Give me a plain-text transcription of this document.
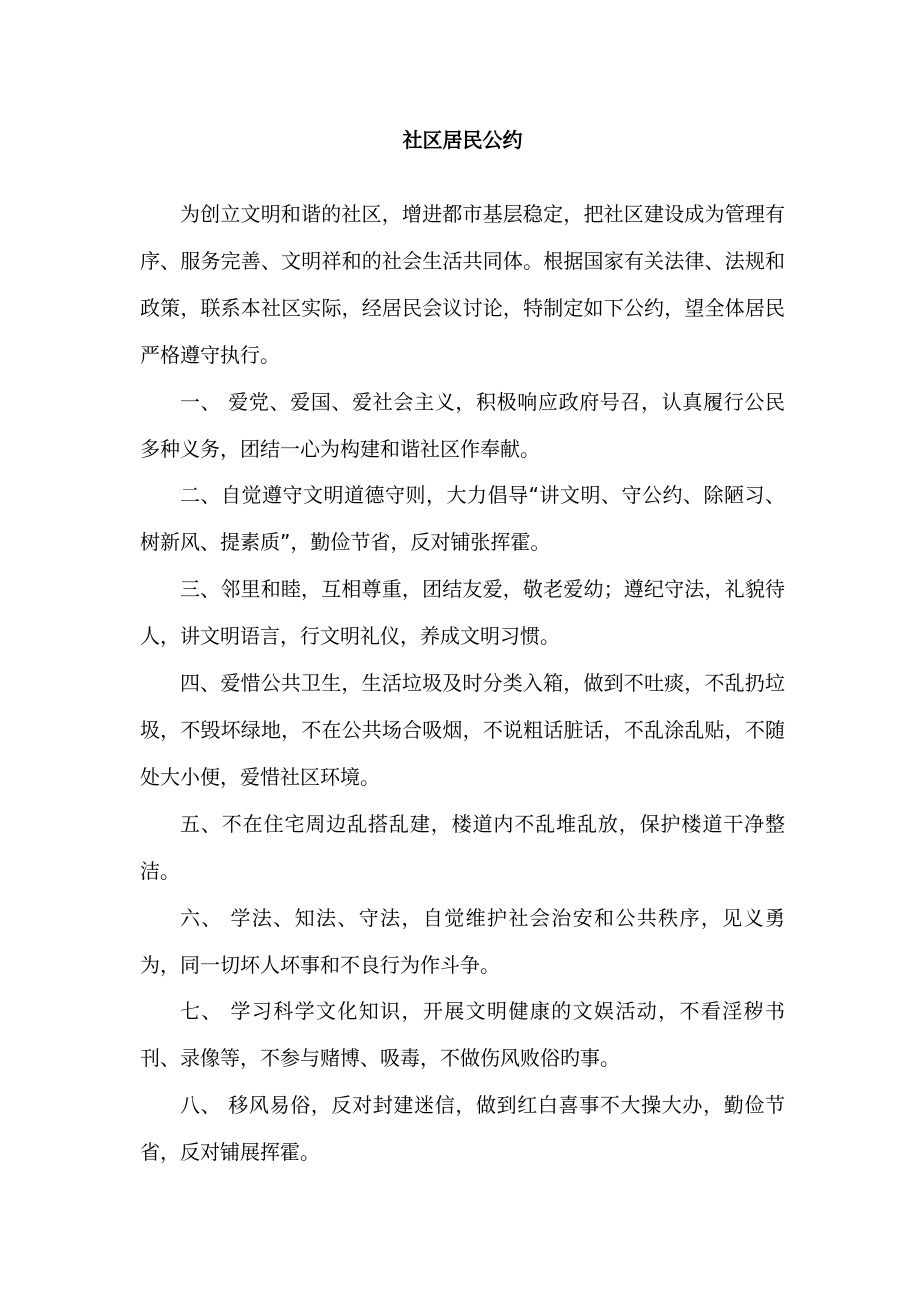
社区居民公约

为创立文明和谐的社区，增进都市基层稳定，把社区建设成为管理有序、服务完善、文明祥和的社会生活共同体。根据国家有关法律、法规和政策，联系本社区实际，经居民会议讨论，特制定如下公约，望全体居民严格遵守执行。

一、 爱党、爱国、爱社会主义，积极响应政府号召，认真履行公民多种义务，团结一心为构建和谐社区作奉献。

二、自觉遵守文明道德守则，大力倡导“讲文明、守公约、除陋习、树新风、提素质”，勤俭节省，反对铺张挥霍。

三、邻里和睦，互相尊重，团结友爱，敬老爱幼；遵纪守法，礼貌待人，讲文明语言，行文明礼仪，养成文明习惯。

四、爱惜公共卫生，生活垃圾及时分类入箱，做到不吐痰，不乱扔垃圾，不毁坏绿地，不在公共场合吸烟，不说粗话脏话，不乱涂乱贴，不随处大小便，爱惜社区环境。

五、不在住宅周边乱搭乱建，楼道内不乱堆乱放，保护楼道干净整洁。

六、 学法、知法、守法，自觉维护社会治安和公共秩序，见义勇为，同一切坏人坏事和不良行为作斗争。

七、 学习科学文化知识，开展文明健康的文娱活动，不看淫秽书刊、录像等，不参与赌博、吸毒，不做伤风败俗旳事。

八、 移风易俗，反对封建迷信，做到红白喜事不大操大办，勤俭节省，反对铺展挥霍。
